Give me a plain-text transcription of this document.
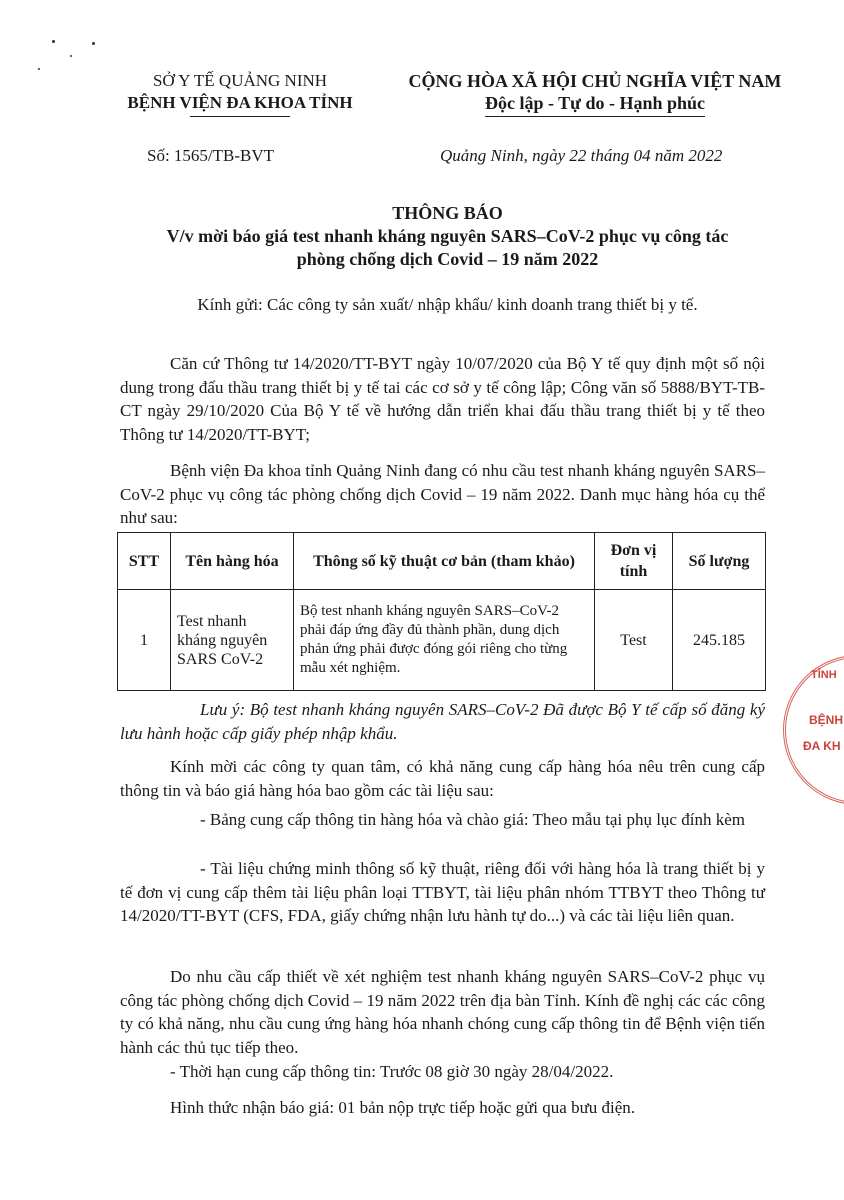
SỞ Y TẾ QUẢNG NINH
BỆNH VIỆN ĐA KHOA TỈNH
CỘNG HÒA XÃ HỘI CHỦ NGHĨA VIỆT NAM
Độc lập - Tự do - Hạnh phúc
Số: 1565/TB-BVT	Quảng Ninh, ngày 22 tháng 04 năm 2022
THÔNG BÁO
V/v mời báo giá test nhanh kháng nguyên SARS–CoV-2 phục vụ công tác
phòng chống dịch Covid – 19 năm 2022
Kính gửi: Các công ty sản xuất/ nhập khẩu/ kinh doanh trang thiết bị y tế.
Căn cứ Thông tư 14/2020/TT-BYT ngày 10/07/2020 của Bộ Y tế quy định một số nội dung trong đấu thầu trang thiết bị y tế tai các cơ sở y tế công lập; Công văn số 5888/BYT-TB-CT ngày 29/10/2020 Của Bộ Y tế về hướng dẫn triển khai đấu thầu trang thiết bị y tế theo Thông tư 14/2020/TT-BYT;
Bệnh viện Đa khoa tỉnh Quảng Ninh đang có nhu cầu test nhanh kháng nguyên SARS–CoV-2 phục vụ công tác phòng chống dịch Covid – 19 năm 2022. Danh mục hàng hóa cụ thể như sau:
STT	Tên hàng hóa	Thông số kỹ thuật cơ bản (tham khảo)	Đơn vị tính	Số lượng
1	Test nhanh kháng nguyên SARS CoV-2	Bộ test nhanh kháng nguyên SARS–CoV-2 phải đáp ứng đầy đủ thành phần, dung dịch phản ứng phải được đóng gói riêng cho từng mẫu xét nghiệm.	Test	245.185
Lưu ý: Bộ test nhanh kháng nguyên SARS–CoV-2 Đã được Bộ Y tế cấp số đăng ký lưu hành hoặc cấp giấy phép nhập khẩu.
Kính mời các công ty quan tâm, có khả năng cung cấp hàng hóa nêu trên cung cấp thông tin và báo giá hàng hóa bao gồm các tài liệu sau:
- Bảng cung cấp thông tin hàng hóa và chào giá: Theo mẫu tại phụ lục đính kèm
- Tài liệu chứng minh thông số kỹ thuật, riêng đối với hàng hóa là trang thiết bị y tế đơn vị cung cấp thêm tài liệu phân loại TTBYT, tài liệu phân nhóm TTBYT theo Thông tư 14/2020/TT-BYT (CFS, FDA, giấy chứng nhận lưu hành tự do...) và các tài liệu liên quan.
Do nhu cầu cấp thiết về xét nghiệm test nhanh kháng nguyên SARS–CoV-2 phục vụ công tác phòng chống dịch Covid – 19 năm 2022 trên địa bàn Tỉnh. Kính đề nghị các các công ty có khả năng, nhu cầu cung ứng hàng hóa nhanh chóng cung cấp thông tin để Bệnh viện tiến hành các thủ tục tiếp theo.
- Thời hạn cung cấp thông tin: Trước 08 giờ 30 ngày 28/04/2022.
Hình thức nhận báo giá: 01 bản nộp trực tiếp hoặc gửi qua bưu điện.
TỈNH
BỆNH
ĐA KH
